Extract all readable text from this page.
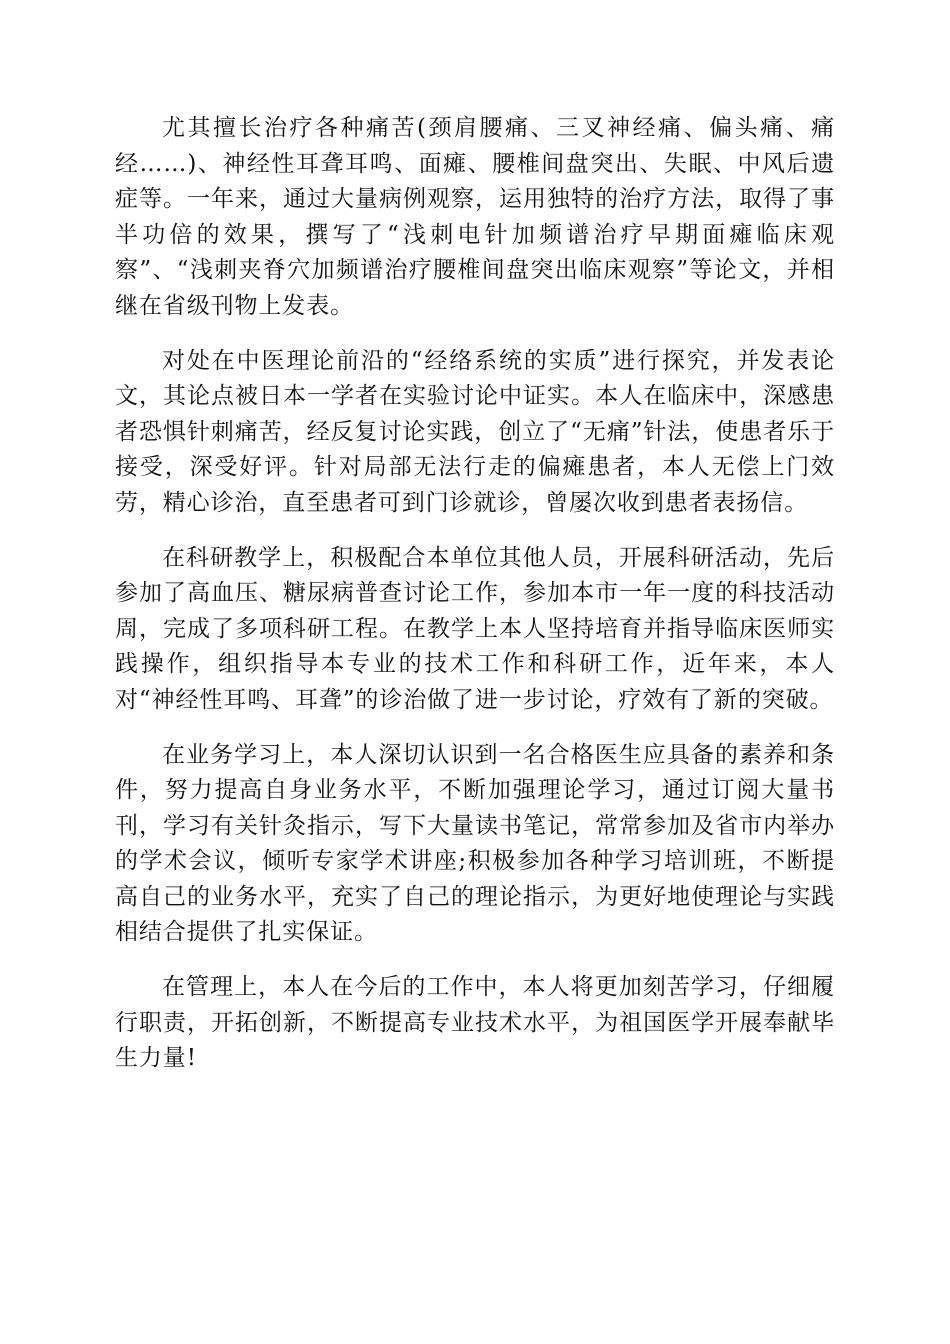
尤其擅长治疗各种痛苦(颈肩腰痛、三叉神经痛、偏头痛、痛经……)、神经性耳聋耳鸣、面瘫、腰椎间盘突出、失眠、中风后遗症等。一年来，通过大量病例观察，运用独特的治疗方法，取得了事半功倍的效果，撰写了“浅刺电针加频谱治疗早期面瘫临床观察”、“浅刺夹脊穴加频谱治疗腰椎间盘突出临床观察”等论文，并相继在省级刊物上发表。

对处在中医理论前沿的“经络系统的实质”进行探究，并发表论文，其论点被日本一学者在实验讨论中证实。本人在临床中，深感患者恐惧针刺痛苦，经反复讨论实践，创立了“无痛”针法，使患者乐于接受，深受好评。针对局部无法行走的偏瘫患者，本人无偿上门效劳，精心诊治，直至患者可到门诊就诊，曾屡次收到患者表扬信。

在科研教学上，积极配合本单位其他人员，开展科研活动，先后参加了高血压、糖尿病普查讨论工作，参加本市一年一度的科技活动周，完成了多项科研工程。在教学上本人坚持培育并指导临床医师实践操作，组织指导本专业的技术工作和科研工作，近年来，本人对“神经性耳鸣、耳聋”的诊治做了进一步讨论，疗效有了新的突破。

在业务学习上，本人深切认识到一名合格医生应具备的素养和条件，努力提高自身业务水平，不断加强理论学习，通过订阅大量书刊，学习有关针灸指示，写下大量读书笔记，常常参加及省市内举办的学术会议，倾听专家学术讲座;积极参加各种学习培训班，不断提高自己的业务水平，充实了自己的理论指示，为更好地使理论与实践相结合提供了扎实保证。

在管理上，本人在今后的工作中，本人将更加刻苦学习，仔细履行职责，开拓创新，不断提高专业技术水平，为祖国医学开展奉献毕生力量!
